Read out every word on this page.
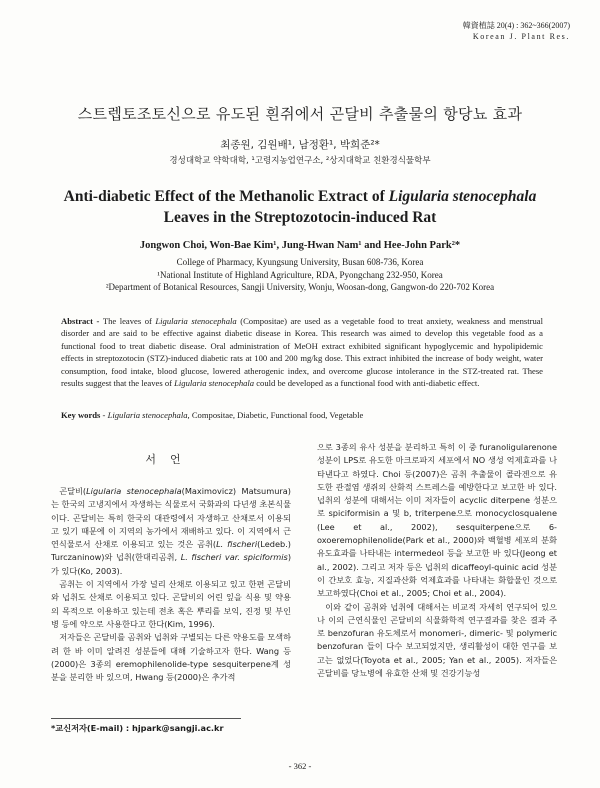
韓資植誌 20(4) : 362~366(2007)
Korean J. Plant Res.
스트렙토조토신으로 유도된 흰쥐에서 곤달비 추출물의 항당뇨 효과
최종원, 김원배¹, 남정환¹, 박희준²*
경성대학교 약학대학, ¹고령지농업연구소, ²상지대학교 친환경식물학부
Anti-diabetic Effect of the Methanolic Extract of Ligularia stenocephala
Leaves in the Streptozotocin-induced Rat
Jongwon Choi, Won-Bae Kim¹, Jung-Hwan Nam¹ and Hee-John Park²*
College of Pharmacy, Kyungsung University, Busan 608-736, Korea
¹National Institute of Highland Agriculture, RDA, Pyongchang 232-950, Korea
²Department of Botanical Resources, Sangji University, Wonju, Woosan-dong, Gangwon-do 220-702 Korea

Abstract - The leaves of Ligularia stenocephala (Compositae) are used as a vegetable food to treat anxiety, weakness and menstrual disorder and are said to be effective against diabetic disease in Korea. This research was aimed to develop this vegetable food as a functional food to treat diabetic disease. Oral administration of MeOH extract exhibited significant hypoglycemic and hypolipidemic effects in streptozotocin (STZ)-induced diabetic rats at 100 and 200 mg/kg dose. This extract inhibited the increase of body weight, water consumption, food intake, blood glucose, lowered atherogenic index, and overcome glucose intolerance in the STZ-treated rat. These results suggest that the leaves of Ligularia stenocephala could be developed as a functional food with anti-diabetic effect.

Key words - Ligularia stenocephala, Compositae, Diabetic, Functional food, Vegetable

서언

곤달비(Ligularia stenocephala(Maximovicz) Matsumura)는 한국의 고냉지에서 자생하는 식물로서 국화과의 다년생 초본식물이다. 곤달비는 특히 한국의 대관령에서 자생하고 산채로서 이용되고 있기 때문에 이 지역의 농가에서 재배하고 있다. 이 지역에서 근연식물로서 산채로 이용되고 있는 것은 곰취(L. fischeri(Ledeb.) Turczaninow)와 넙취(한대리곰취, L. fischeri var. spiciformis)가 있다(Ko, 2003).

곰취는 이 지역에서 가장 널리 산채로 이용되고 있고 한편 곤달비와 넙취도 산채로 이용되고 있다. 곤달비의 어린 잎을 식용 및 약용의 목적으로 이용하고 있는데 전초 혹은 뿌리를 보익, 진정 및 부인병 등에 약으로 사용한다고 한다(Kim, 1996).

저자들은 곤달비를 곰취와 넙취와 구별되는 다른 약용도를 모색하려 한 바 이미 알려진 성분들에 대해 기술하고자 한다. Wang 등(2000)은 3종의 eremophilenolide-type sesquiterpene계 성분을 분리한 바 있으며, Hwang 등(2000)은 추가적

으로 3종의 유사 성분을 분리하고 특히 이 중 furanoligularenone 성분이 LPS로 유도한 마크로파지 세포에서 NO 생성 억제효과를 나타낸다고 하였다. Choi 등(2007)은 곰취 추출물이 콜라겐으로 유도한 관절염 생쥐의 산화적 스트레스를 예방한다고 보고한 바 있다. 넙취의 성분에 대해서는 이미 저자들이 acyclic diterpene 성분으로 spiciformisin a 및 b, triterpene으로 monocyclosqualene (Lee et al., 2002), sesquiterpene으로 6-oxoeremophilenolide(Park et al., 2000)와 백혈병 세포의 분화 유도효과를 나타내는 intermedeol 등을 보고한 바 있다(Jeong et al., 2002). 그리고 저자 등은 넙취의 dicaffeoyl-quinic acid 성분이 간보호 효능, 지질과산화 억제효과를 나타내는 화합물인 것으로 보고하였다(Choi et al., 2005; Choi et al., 2004).

이와 같이 곰취와 넙취에 대해서는 비교적 자세히 연구되어 있으나 이의 근연식물인 곤달비의 식물화학적 연구결과를 찾은 결과 주로 benzofuran 유도체로서 monomeri-, dimeric- 및 polymeric benzofuran 들이 다수 보고되었지만, 생리활성이 대한 연구를 보고는 없었다(Toyota et al., 2005; Yan et al., 2005). 저자들은 곤달비를 당뇨병에 유효한 산채 및 건강기능성

*교신저자(E-mail) : hjpark@sangji.ac.kr
- 362 -
